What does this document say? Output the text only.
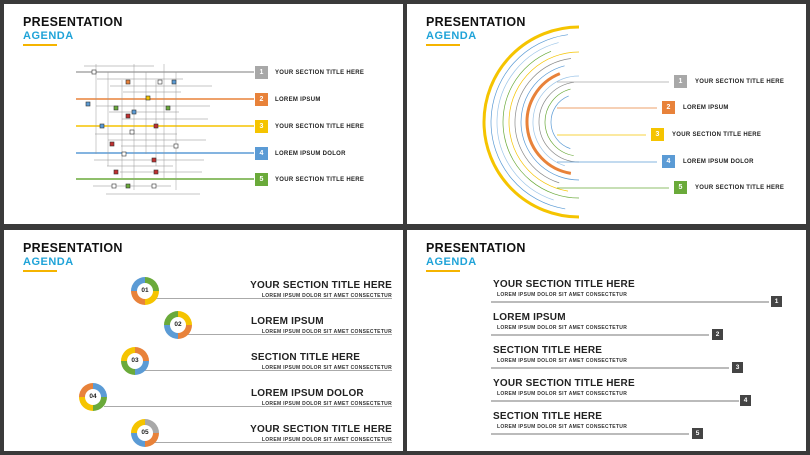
PRESENTATION
AGENDA
1	YOUR SECTION TITLE HERE
2	LOREM IPSUM
3	YOUR SECTION TITLE HERE
4	LOREM IPSUM DOLOR
5	YOUR SECTION TITLE HERE
PRESENTATION
AGENDA
1	YOUR SECTION TITLE HERE
2	LOREM IPSUM
3	YOUR SECTION TITLE HERE
4	LOREM IPSUM DOLOR
5	YOUR SECTION TITLE HERE
PRESENTATION
AGENDA
01	YOUR SECTION TITLE HERE
LOREM IPSUM DOLOR SIT AMET CONSECTETUR
02	LOREM IPSUM
LOREM IPSUM DOLOR SIT AMET CONSECTETUR
03	SECTION TITLE HERE
LOREM IPSUM DOLOR SIT AMET CONSECTETUR
04	LOREM IPSUM DOLOR
LOREM IPSUM DOLOR SIT AMET CONSECTETUR
05	YOUR SECTION TITLE HERE
LOREM IPSUM DOLOR SIT AMET CONSECTETUR
PRESENTATION
AGENDA
YOUR SECTION TITLE HERE
LOREM IPSUM DOLOR SIT AMET CONSECTETUR
1
LOREM IPSUM
LOREM IPSUM DOLOR SIT AMET CONSECTETUR
2
SECTION TITLE HERE
LOREM IPSUM DOLOR SIT AMET CONSECTETUR
3
YOUR SECTION TITLE HERE
LOREM IPSUM DOLOR SIT AMET CONSECTETUR
4
SECTION TITLE HERE
LOREM IPSUM DOLOR SIT AMET CONSECTETUR
5
